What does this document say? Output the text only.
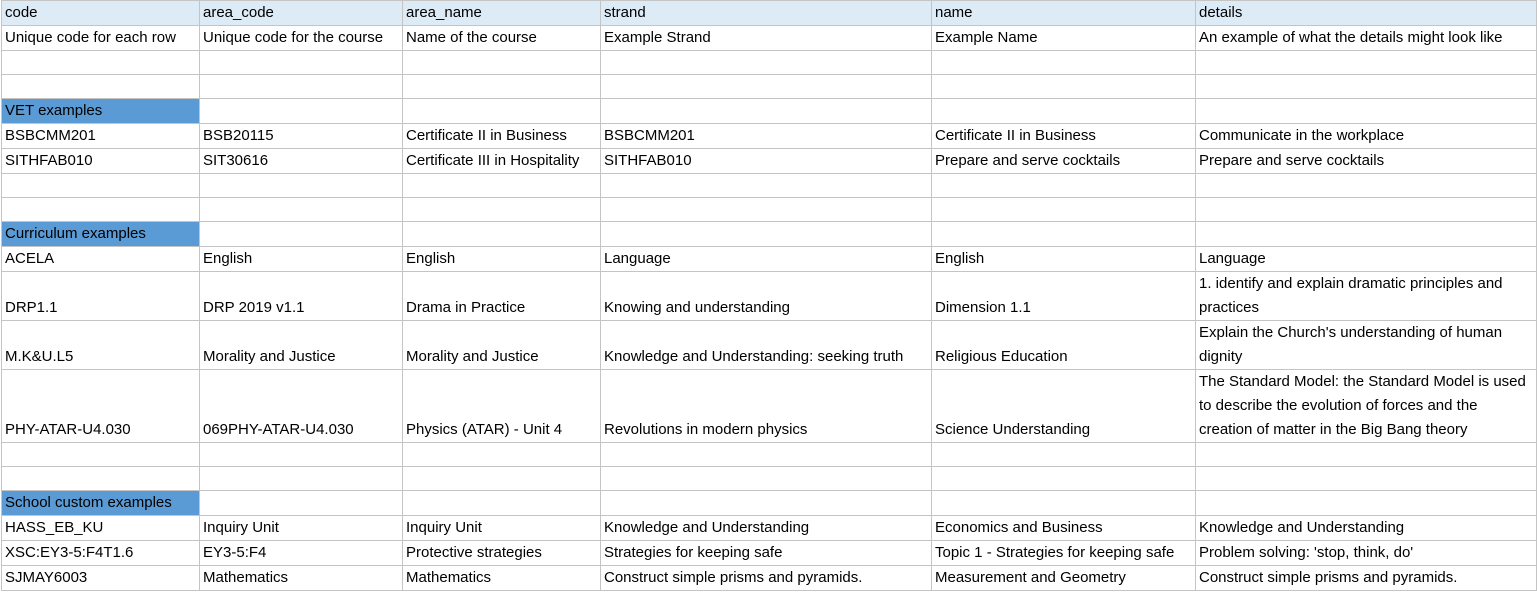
code	area_code	area_name	strand	name	details
Unique code for each row	Unique code for the course	Name of the course	Example Strand	Example Name	An example of what the details might look like

VET examples					
BSBCMM201	BSB20115	Certificate II in Business	BSBCMM201	Certificate II in Business	Communicate in the workplace
SITHFAB010	SIT30616	Certificate III in Hospitality	SITHFAB010	Prepare and serve cocktails	Prepare and serve cocktails

Curriculum examples					
ACELA	English	English	Language	English	Language
DRP1.1	DRP 2019 v1.1	Drama in Practice	Knowing and understanding	Dimension 1.1	1. identify and explain dramatic principles and practices
M.K&U.L5	Morality and Justice	Morality and Justice	Knowledge and Understanding: seeking truth	Religious Education	Explain the Church's understanding of human dignity
PHY-ATAR-U4.030	069PHY-ATAR-U4.030	Physics (ATAR) - Unit 4	Revolutions in modern physics	Science Understanding	The Standard Model: the Standard Model is used to describe the evolution of forces and the creation of matter in the Big Bang theory

School custom examples					
HASS_EB_KU	Inquiry Unit	Inquiry Unit	Knowledge and Understanding	Economics and Business	Knowledge and Understanding
XSC:EY3-5:F4T1.6	EY3-5:F4	Protective strategies	Strategies for keeping safe	Topic 1 - Strategies for keeping safe	Problem solving: 'stop, think, do'
SJMAY6003	Mathematics	Mathematics	Construct simple prisms and pyramids.	Measurement and Geometry	Construct simple prisms and pyramids.
